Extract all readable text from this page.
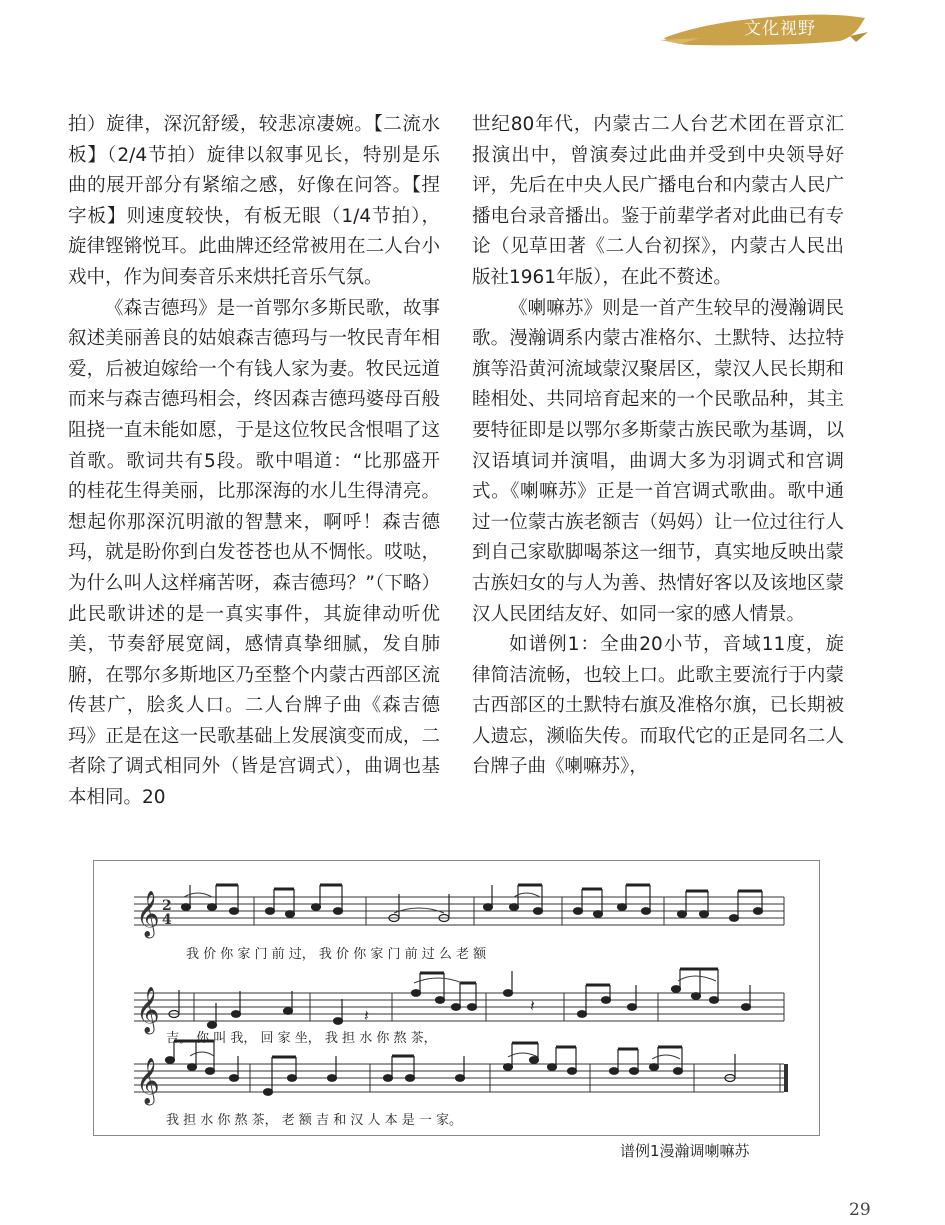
文化视野

拍）旋律，深沉舒缓，较悲凉凄婉。【二流水板】（2/4节拍）旋律以叙事见长，特别是乐曲的展开部分有紧缩之感，好像在问答。【捏字板】则速度较快，有板无眼（1/4节拍），旋律铿锵悦耳。此曲牌还经常被用在二人台小戏中，作为间奏音乐来烘托音乐气氛。

《森吉德玛》是一首鄂尔多斯民歌，故事叙述美丽善良的姑娘森吉德玛与一牧民青年相爱，后被迫嫁给一个有钱人家为妻。牧民远道而来与森吉德玛相会，终因森吉德玛婆母百般阻挠一直未能如愿，于是这位牧民含恨唱了这首歌。歌词共有5段。歌中唱道：“比那盛开的桂花生得美丽，比那深海的水儿生得清亮。想起你那深沉明澈的智慧来，啊呼！森吉德玛，就是盼你到白发苍苍也从不惆怅。哎哒，为什么叫人这样痛苦呀，森吉德玛？”（下略）此民歌讲述的是一真实事件，其旋律动听优美，节奏舒展宽阔，感情真挚细腻，发自肺腑，在鄂尔多斯地区乃至整个内蒙古西部区流传甚广，脍炙人口。二人台牌子曲《森吉德玛》正是在这一民歌基础上发展演变而成，二者除了调式相同外（皆是宫调式），曲调也基本相同。20

世纪80年代，内蒙古二人台艺术团在晋京汇报演出中，曾演奏过此曲并受到中央领导好评，先后在中央人民广播电台和内蒙古人民广播电台录音播出。鉴于前辈学者对此曲已有专论（见草田著《二人台初探》，内蒙古人民出版社1961年版），在此不赘述。

《喇嘛苏》则是一首产生较早的漫瀚调民歌。漫瀚调系内蒙古准格尔、土默特、达拉特旗等沿黄河流域蒙汉聚居区，蒙汉人民长期和睦相处、共同培育起来的一个民歌品种，其主要特征即是以鄂尔多斯蒙古族民歌为基调，以汉语填词并演唱，曲调大多为羽调式和宫调式。《喇嘛苏》正是一首宫调式歌曲。歌中通过一位蒙古族老额吉（妈妈）让一位过往行人到自己家歇脚喝茶这一细节，真实地反映出蒙古族妇女的与人为善、热情好客以及该地区蒙汉人民团结友好、如同一家的感人情景。

如谱例1：全曲20小节，音域11度，旋律简洁流畅，也较上口。此歌主要流行于内蒙古西部区的土默特右旗及准格尔旗，已长期被人遗忘，濒临失传。而取代它的正是同名二人台牌子曲《喇嘛苏》，

𝄞
𝄞
𝄞
2
4
𝄽
𝄽
我 价 你 家 门 前 过， 我 价 你 家 门 前 过 么 老 额
吉。 你 叫 我， 回 家 坐， 我 担 水 你 熬 茶，
我 担 水 你 熬 茶， 老 额 吉 和 汉 人 本 是 一 家。
谱例1漫瀚调喇嘛苏
29
